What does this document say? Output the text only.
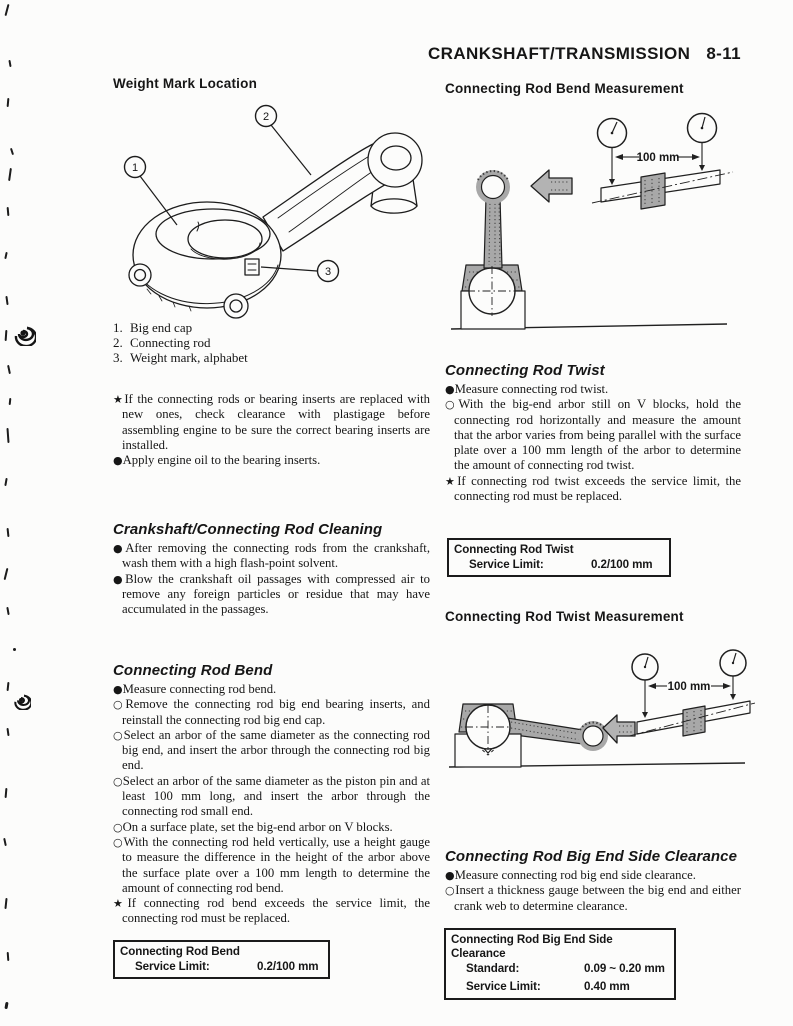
CRANKSHAFT/TRANSMISSION 8-11
Weight Mark Location
1
2
3
1. Big end cap
2. Connecting rod
3. Weight mark, alphabet
★If the connecting rods or bearing inserts are replaced with new ones, check clearance with plastigage before assembling engine to be sure the correct bearing inserts are installed.
●Apply engine oil to the bearing inserts.
Crankshaft/Connecting Rod Cleaning
●After removing the connecting rods from the crankshaft, wash them with a high flash-point solvent.
●Blow the crankshaft oil passages with compressed air to remove any foreign particles or residue that may have accumulated in the passages.
Connecting Rod Bend
●Measure connecting rod bend.
○Remove the connecting rod big end bearing inserts, and reinstall the connecting rod big end cap.
○Select an arbor of the same diameter as the connecting rod big end, and insert the arbor through the connecting rod big end.
○Select an arbor of the same diameter as the piston pin and at least 100 mm long, and insert the arbor through the connecting rod small end.
○On a surface plate, set the big-end arbor on V blocks.
○With the connecting rod held vertically, use a height gauge to measure the difference in the height of the arbor above the surface plate over a 100 mm length to determine the amount of connecting rod bend.
★If connecting rod bend exceeds the service limit, the connecting rod must be replaced.
Connecting Rod Bend
Service Limit:	0.2/100 mm
Connecting Rod Bend Measurement
100 mm
Connecting Rod Twist
●Measure connecting rod twist.
○With the big-end arbor still on V blocks, hold the connecting rod horizontally and measure the amount that the arbor varies from being parallel with the surface plate over a 100 mm length of the arbor to determine the amount of connecting rod twist.
★If connecting rod twist exceeds the service limit, the connecting rod must be replaced.
Connecting Rod Twist
Service Limit:	0.2/100 mm
Connecting Rod Twist Measurement
100 mm
Connecting Rod Big End Side Clearance
●Measure connecting rod big end side clearance.
○Insert a thickness gauge between the big end and either crank web to determine clearance.
Connecting Rod Big End Side Clearance
Standard:	0.09 ~ 0.20 mm
Service Limit:	0.40 mm
